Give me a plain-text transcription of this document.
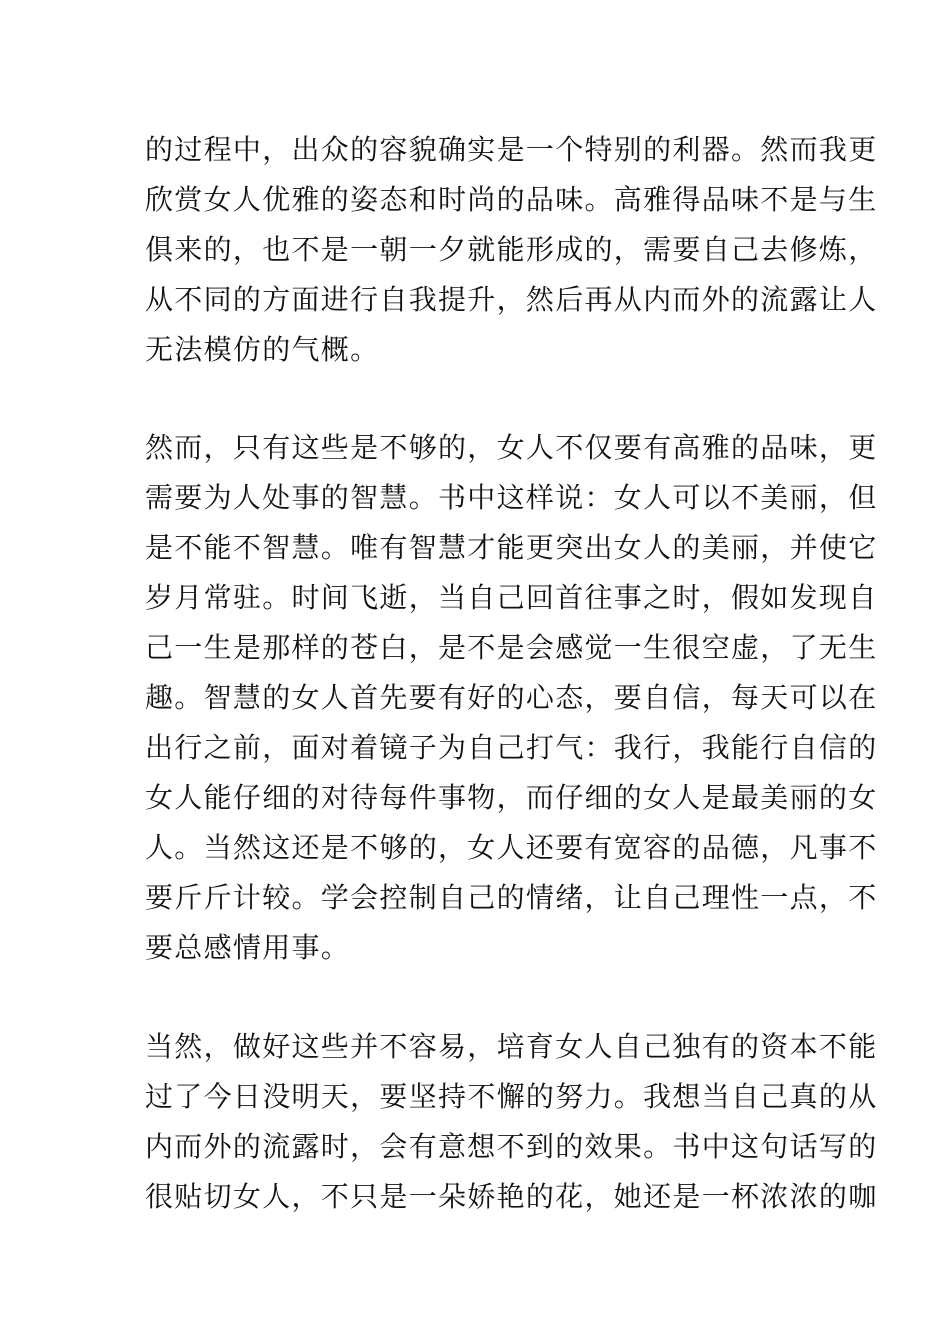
的过程中，出众的容貌确实是一个特别的利器。然而我更
欣赏女人优雅的姿态和时尚的品味。高雅得品味不是与生
俱来的，也不是一朝一夕就能形成的，需要自己去修炼，
从不同的方面进行自我提升，然后再从内而外的流露让人
无法模仿的气概。
然而，只有这些是不够的，女人不仅要有高雅的品味，更
需要为人处事的智慧。书中这样说：女人可以不美丽，但
是不能不智慧。唯有智慧才能更突出女人的美丽，并使它
岁月常驻。时间飞逝，当自己回首往事之时，假如发现自
己一生是那样的苍白，是不是会感觉一生很空虚，了无生
趣。智慧的女人首先要有好的心态，要自信，每天可以在
出行之前，面对着镜子为自己打气：我行，我能行自信的
女人能仔细的对待每件事物，而仔细的女人是最美丽的女
人。当然这还是不够的，女人还要有宽容的品德，凡事不
要斤斤计较。学会控制自己的情绪，让自己理性一点，不
要总感情用事。
当然，做好这些并不容易，培育女人自己独有的资本不能
过了今日没明天，要坚持不懈的努力。我想当自己真的从
内而外的流露时，会有意想不到的效果。书中这句话写的
很贴切女人，不只是一朵娇艳的花，她还是一杯浓浓的咖
